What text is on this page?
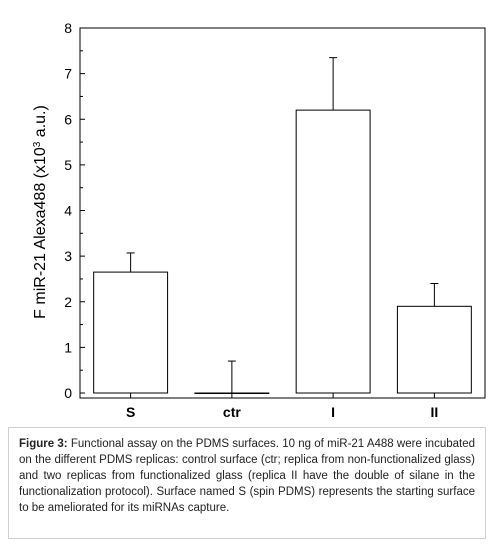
0
1
2
3
4
5
6
7
8
S	ctr	I	II
F miR-21 Alexa488 ($x10^3$ a.u.)

Figure 3: Functional assay on the PDMS surfaces. 10 ng of miR-21 A488 were incubated on the different PDMS replicas: control surface (ctr; replica from non-functionalized glass) and two replicas from functionalized glass (replica II have the double of silane in the functionalization protocol). Surface named S (spin PDMS) represents the starting surface to be ameliorated for its miRNAs capture.
